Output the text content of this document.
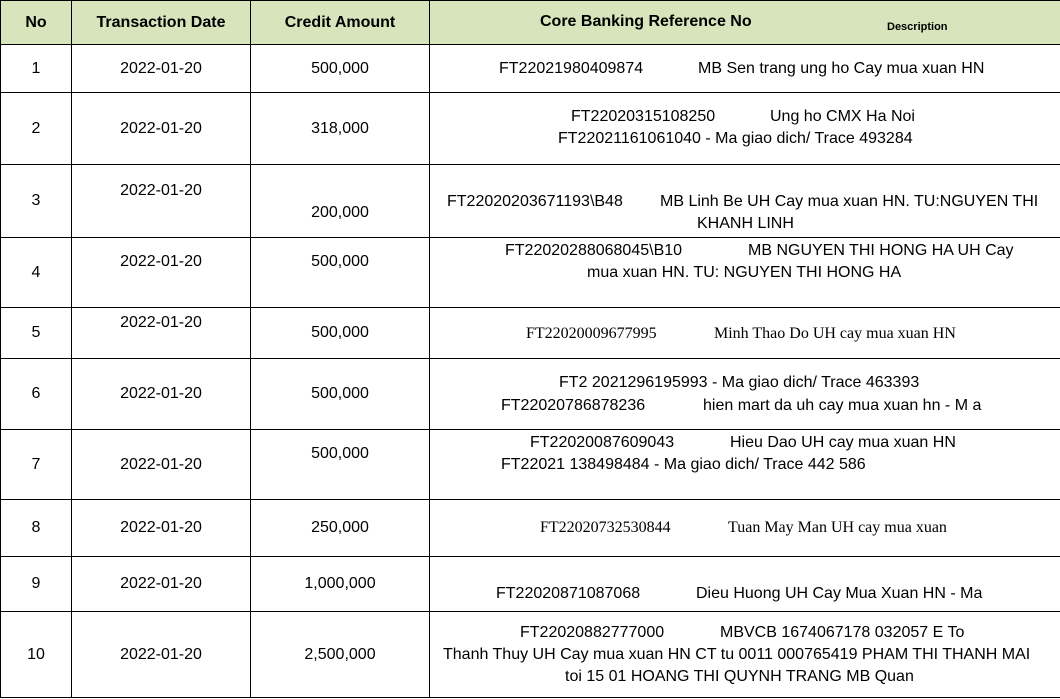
No	Transaction Date	Credit Amount	Core Banking Reference No Description

1	2022-01-20	500,000	FT22021980409874 MB Sen trang ung ho Cay mua xuan HN

2	2022-01-20	318,000	FT22020315108250 Ung ho CMX Ha Noi
FT22021161061040 - Ma giao dich/ Trace 493284

3	2022-01-20	200,000	FT22020203671193\B48 MB Linh Be UH Cay mua xuan HN. TU:NGUYEN THI
KHANH LINH

4	2022-01-20	500,000	FT22020288068045\B10 MB NGUYEN THI HONG HA UH Cay
mua xuan HN. TU: NGUYEN THI HONG HA

5	2022-01-20	500,000	FT22020009677995 Minh Thao Do UH cay mua xuan HN

6	2022-01-20	500,000	FT2 2021296195993 - Ma giao dich/ Trace 463393
FT22020786878236 hien mart da uh cay mua xuan hn - M a

7	2022-01-20	500,000	FT22020087609043 Hieu Dao UH cay mua xuan HN
FT22021 138498484 - Ma giao dich/ Trace 442 586

8	2022-01-20	250,000	FT22020732530844 Tuan May Man UH cay mua xuan

9	2022-01-20	1,000,000	FT22020871087068 Dieu Huong UH Cay Mua Xuan HN - Ma

10	2022-01-20	2,500,000	FT22020882777000 MBVCB 1674067178 032057 E To
Thanh Thuy UH Cay mua xuan HN CT tu 0011 000765419 PHAM THI THANH MAI
toi 15 01 HOANG THI QUYNH TRANG MB Quan
